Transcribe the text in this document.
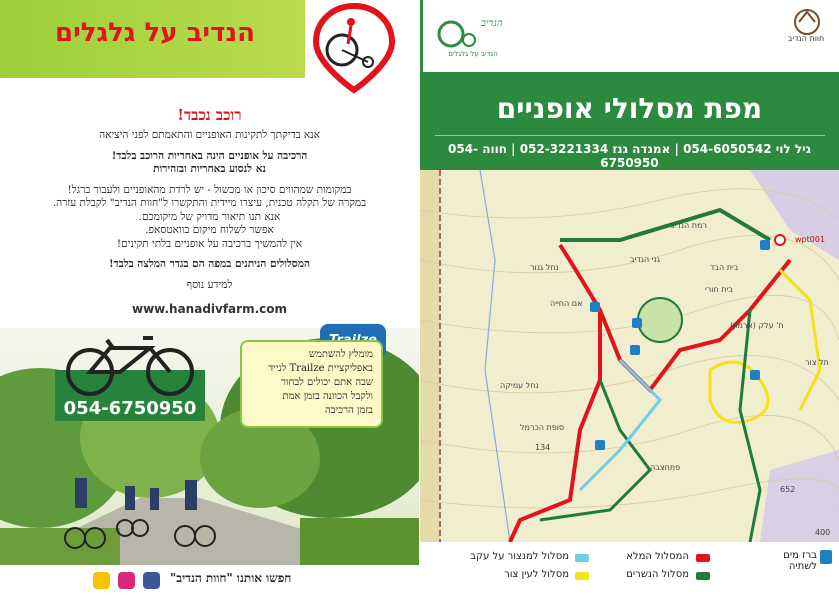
הנדיב על גלגלים
רוכב נכבד!

אנא בדיקתך לתקינות האופניים והתאמתם לפני היציאה

הרכיבה על אופניים הינה באחריות הרוכב בלבד!

נא לנסוע באחריות ובזהירות

במקומות שמהווים סיכון או מכשול - יש לרדת מהאופניים ולעבור ברגל!

במקרה של תקלה טכנית, עיצרו מיידית והתקשרו ל"חוות הנדיב" לקבלת עזרה.

אנא תנו תיאור מדויק של מיקומכם.

אפשר לשלוח מיקום בוואטסאפ.

אין להמשיך ברכיבה על אופניים בלתי תקינים!

המסלולים הניתנים במפה הם בגדר המלצה בלבד!

למידע נוסף

www.hanadivfarm.com
054-6750950
מומלץ להשתמש
באפליקציית Trailze לנייד
שבה אתם יכולים לבחור
ולקבל הכוונה בזמן אמת
בזמן הרכיבה
חפשו אותנו "חוות הנדיב"
הנדיב
חוות הנדיב
הנדיב על גלגלים
מפת מסלולי אופניים
גיל לוי 054-6050542 | אמנדה גנז 052-3221334 | חווה 054-6750950
רמת הנדיב
גני הנדיב
אם החייה
בית חורי
ח' עלק (ארמון)
תל צור
בית הבד
סופת הכרמל
פתחצבה
wpt001
652
134
400
נחל עמיקה
נחל גנור
ברז מים לשתיה
המסלול המלא
מסלול הנשרים
מסלול למנצור על עקב
מסלול לעין צור
